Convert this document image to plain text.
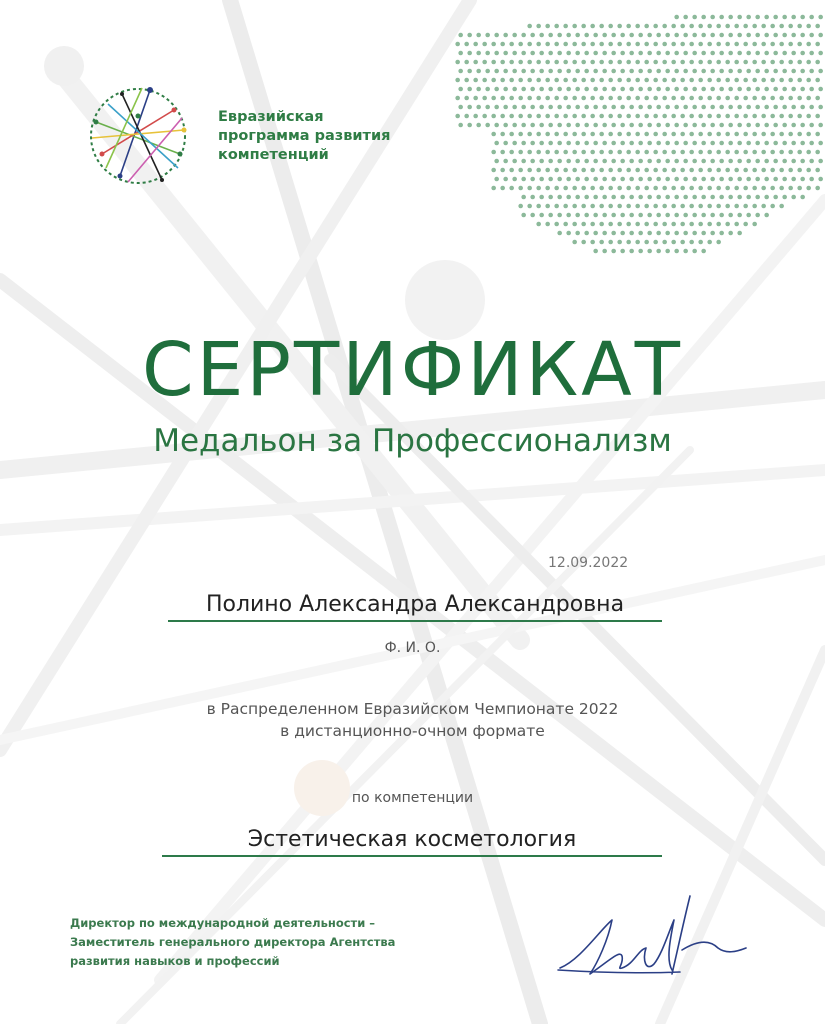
Евразийская
программа развития
компетенций
СЕРТИФИКАТ
Медальон за Профессионализм
12.09.2022
Полино Александра Александровна
Ф. И. О.
в Распределенном Евразийском Чемпионате 2022
в дистанционно-очном формате
по компетенции
Эстетическая косметология
Директор по международной деятельности –
Заместитель генерального директора Агентства
развития навыков и профессий
